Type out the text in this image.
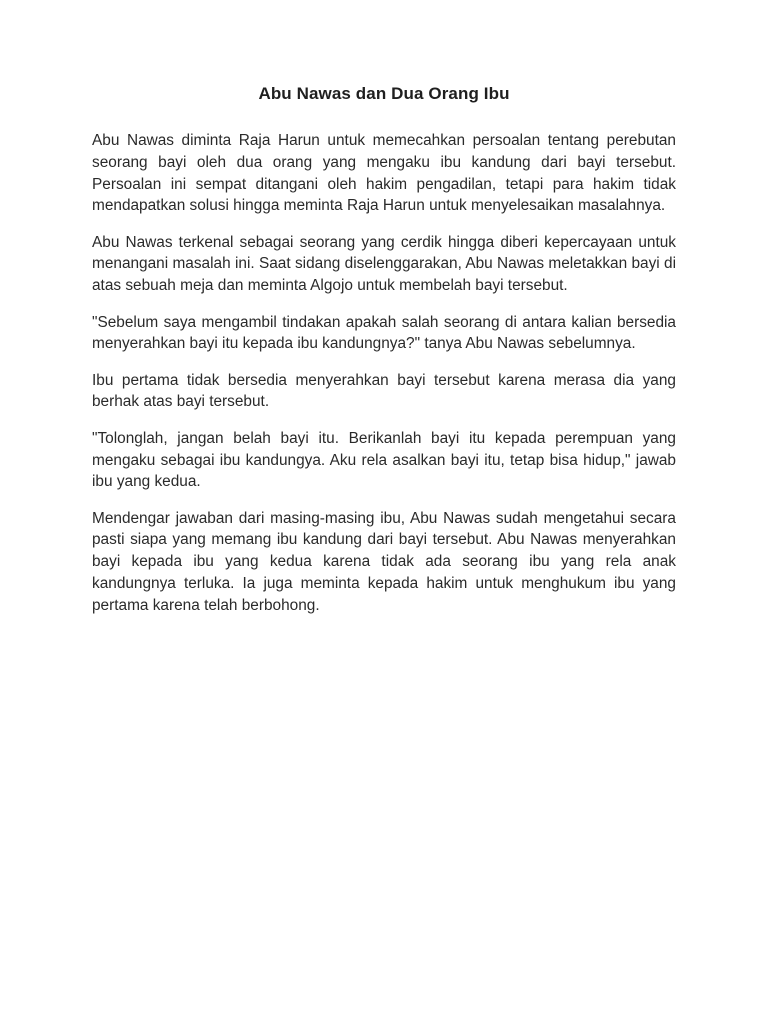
Abu Nawas dan Dua Orang Ibu

Abu Nawas diminta Raja Harun untuk memecahkan persoalan tentang perebutan seorang bayi oleh dua orang yang mengaku ibu kandung dari bayi tersebut. Persoalan ini sempat ditangani oleh hakim pengadilan, tetapi para hakim tidak mendapatkan solusi hingga meminta Raja Harun untuk menyelesaikan masalahnya.

Abu Nawas terkenal sebagai seorang yang cerdik hingga diberi kepercayaan untuk menangani masalah ini. Saat sidang diselenggarakan, Abu Nawas meletakkan bayi di atas sebuah meja dan meminta Algojo untuk membelah bayi tersebut.

"Sebelum saya mengambil tindakan apakah salah seorang di antara kalian bersedia menyerahkan bayi itu kepada ibu kandungnya?" tanya Abu Nawas sebelumnya.

Ibu pertama tidak bersedia menyerahkan bayi tersebut karena merasa dia yang berhak atas bayi tersebut.

"Tolonglah, jangan belah bayi itu. Berikanlah bayi itu kepada perempuan yang mengaku sebagai ibu kandungya. Aku rela asalkan bayi itu, tetap bisa hidup," jawab ibu yang kedua.

Mendengar jawaban dari masing-masing ibu, Abu Nawas sudah mengetahui secara pasti siapa yang memang ibu kandung dari bayi tersebut. Abu Nawas menyerahkan bayi kepada ibu yang kedua karena tidak ada seorang ibu yang rela anak kandungnya terluka. Ia juga meminta kepada hakim untuk menghukum ibu yang pertama karena telah berbohong.
